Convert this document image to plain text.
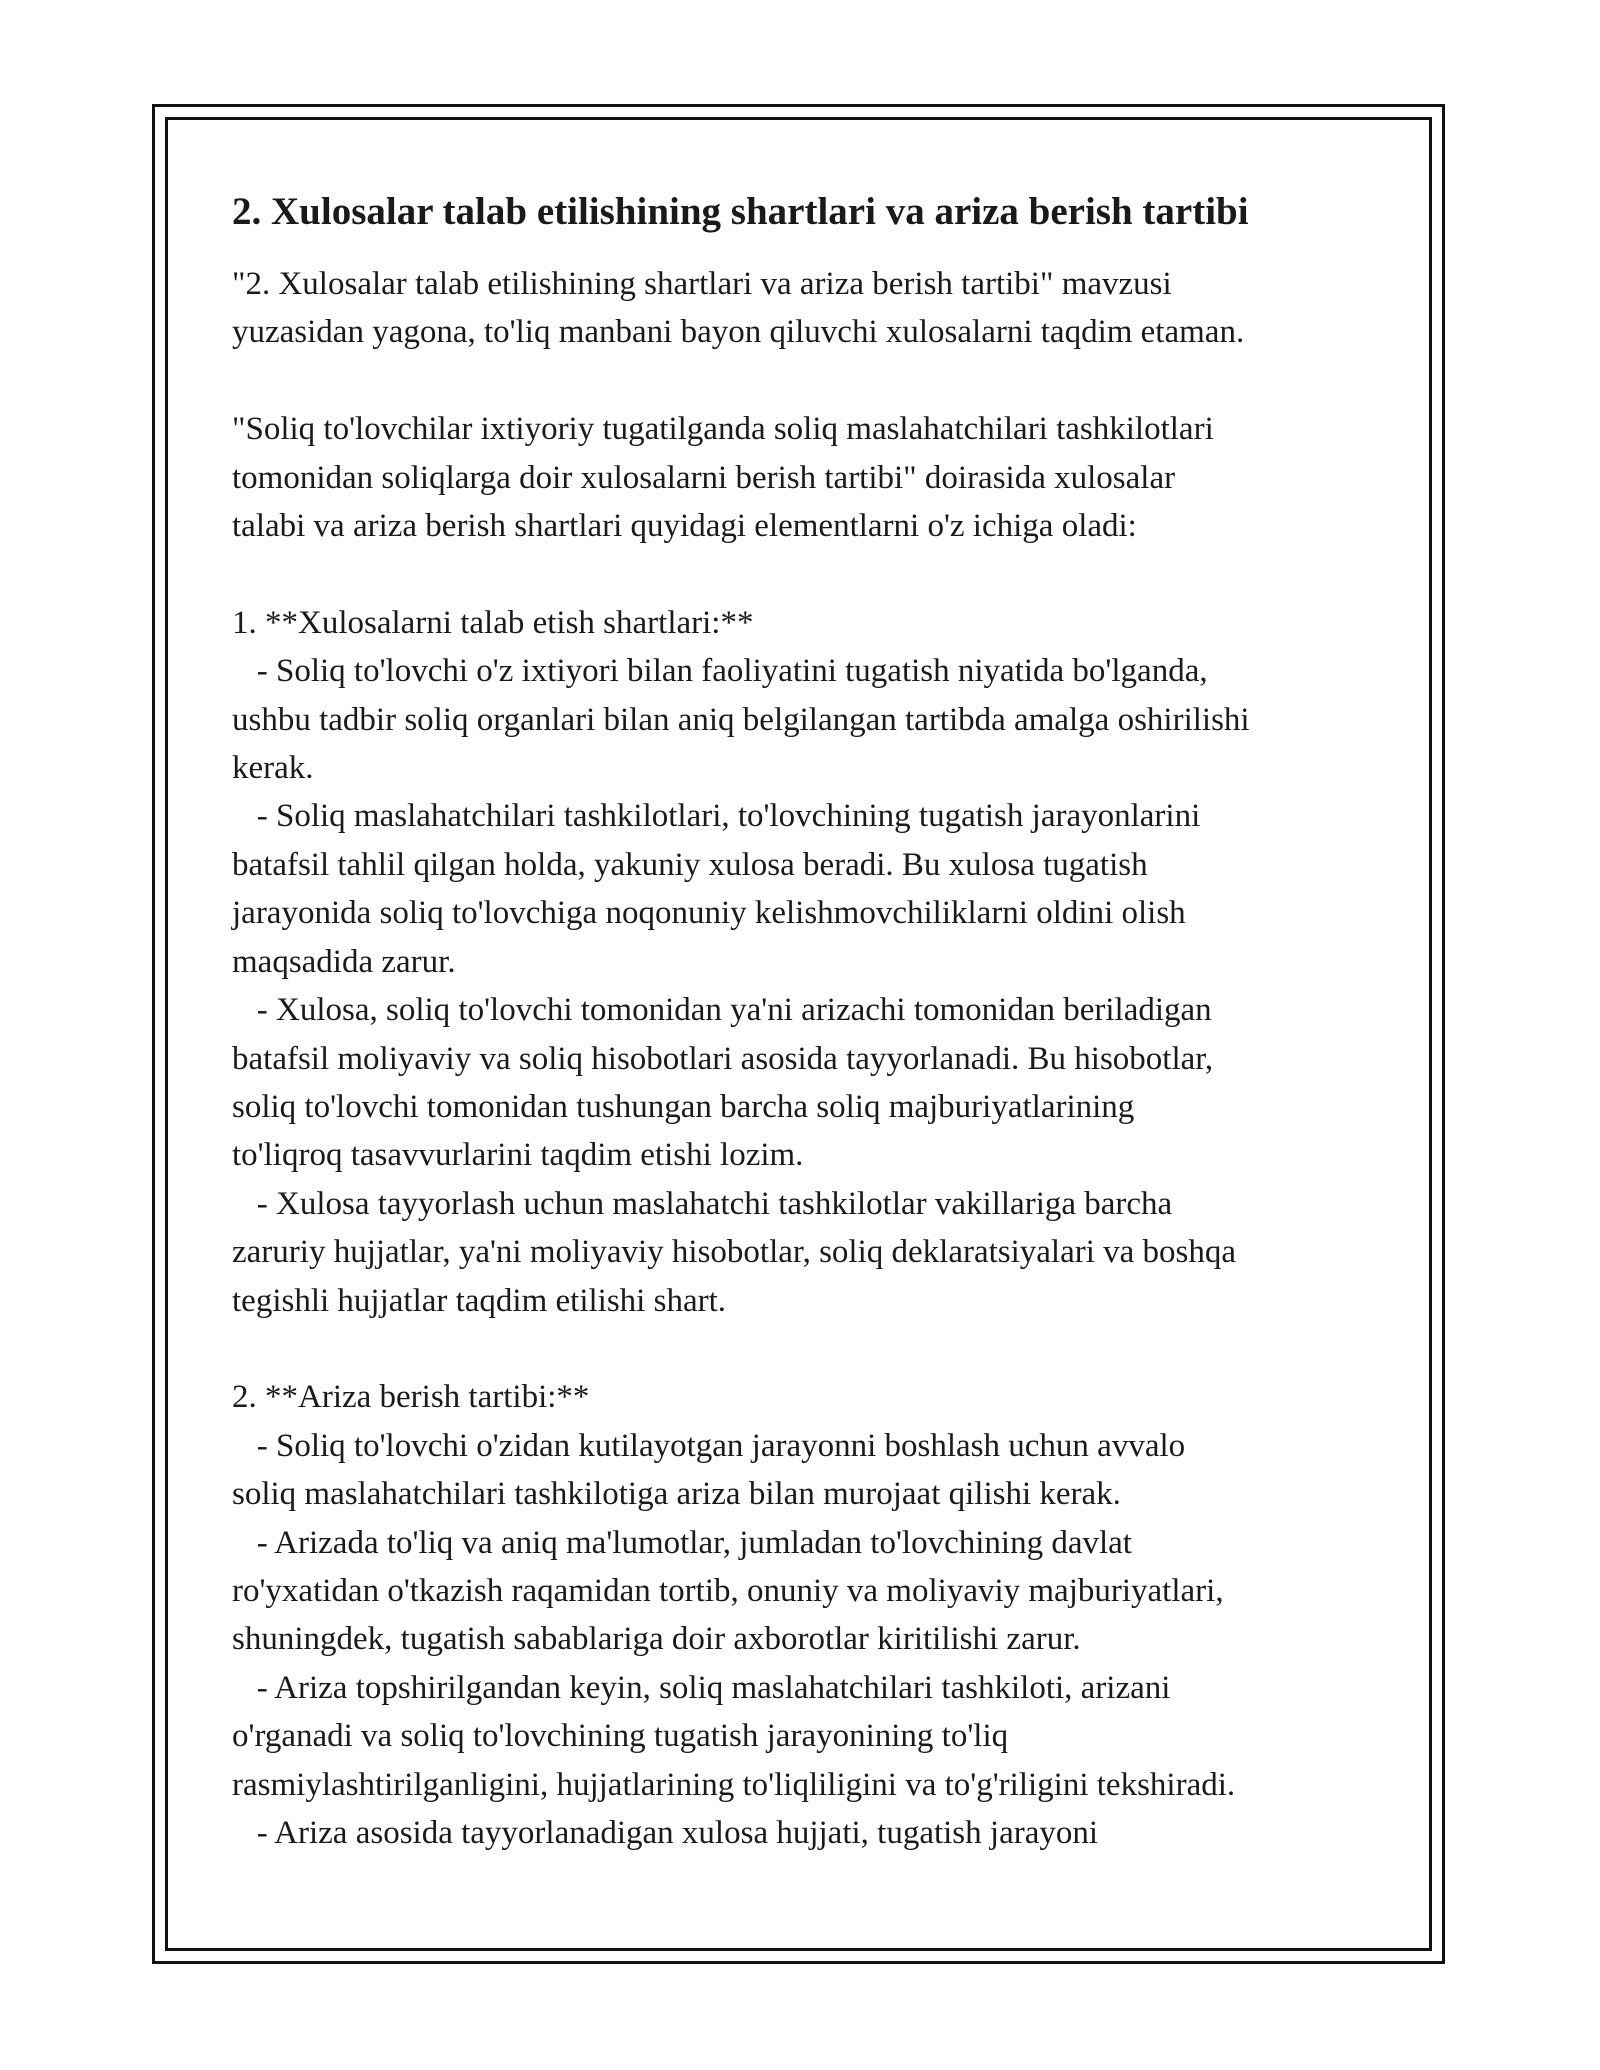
2. Xulosalar talab etilishining shartlari va ariza berish tartibi

"2. Xulosalar talab etilishining shartlari va ariza berish tartibi" mavzusi
yuzasidan yagona, to'liq manbani bayon qiluvchi xulosalarni taqdim etaman.

"Soliq to'lovchilar ixtiyoriy tugatilganda soliq maslahatchilari tashkilotlari
tomonidan soliqlarga doir xulosalarni berish tartibi" doirasida xulosalar
talabi va ariza berish shartlari quyidagi elementlarni o'z ichiga oladi:

1. **Xulosalarni talab etish shartlari:**
- Soliq to'lovchi o'z ixtiyori bilan faoliyatini tugatish niyatida bo'lganda,
ushbu tadbir soliq organlari bilan aniq belgilangan tartibda amalga oshirilishi
kerak.
- Soliq maslahatchilari tashkilotlari, to'lovchining tugatish jarayonlarini
batafsil tahlil qilgan holda, yakuniy xulosa beradi. Bu xulosa tugatish
jarayonida soliq to'lovchiga noqonuniy kelishmovchiliklarni oldini olish
maqsadida zarur.
- Xulosa, soliq to'lovchi tomonidan ya'ni arizachi tomonidan beriladigan
batafsil moliyaviy va soliq hisobotlari asosida tayyorlanadi. Bu hisobotlar,
soliq to'lovchi tomonidan tushungan barcha soliq majburiyatlarining
to'liqroq tasavvurlarini taqdim etishi lozim.
- Xulosa tayyorlash uchun maslahatchi tashkilotlar vakillariga barcha
zaruriy hujjatlar, ya'ni moliyaviy hisobotlar, soliq deklaratsiyalari va boshqa
tegishli hujjatlar taqdim etilishi shart.

2. **Ariza berish tartibi:**
- Soliq to'lovchi o'zidan kutilayotgan jarayonni boshlash uchun avvalo
soliq maslahatchilari tashkilotiga ariza bilan murojaat qilishi kerak.
- Arizada to'liq va aniq ma'lumotlar, jumladan to'lovchining davlat
ro'yxatidan o'tkazish raqamidan tortib, onuniy va moliyaviy majburiyatlari,
shuningdek, tugatish sabablariga doir axborotlar kiritilishi zarur.
- Ariza topshirilgandan keyin, soliq maslahatchilari tashkiloti, arizani
o'rganadi va soliq to'lovchining tugatish jarayonining to'liq
rasmiylashtirilganligini, hujjatlarining to'liqliligini va to'g'riligini tekshiradi.
- Ariza asosida tayyorlanadigan xulosa hujjati, tugatish jarayoni
